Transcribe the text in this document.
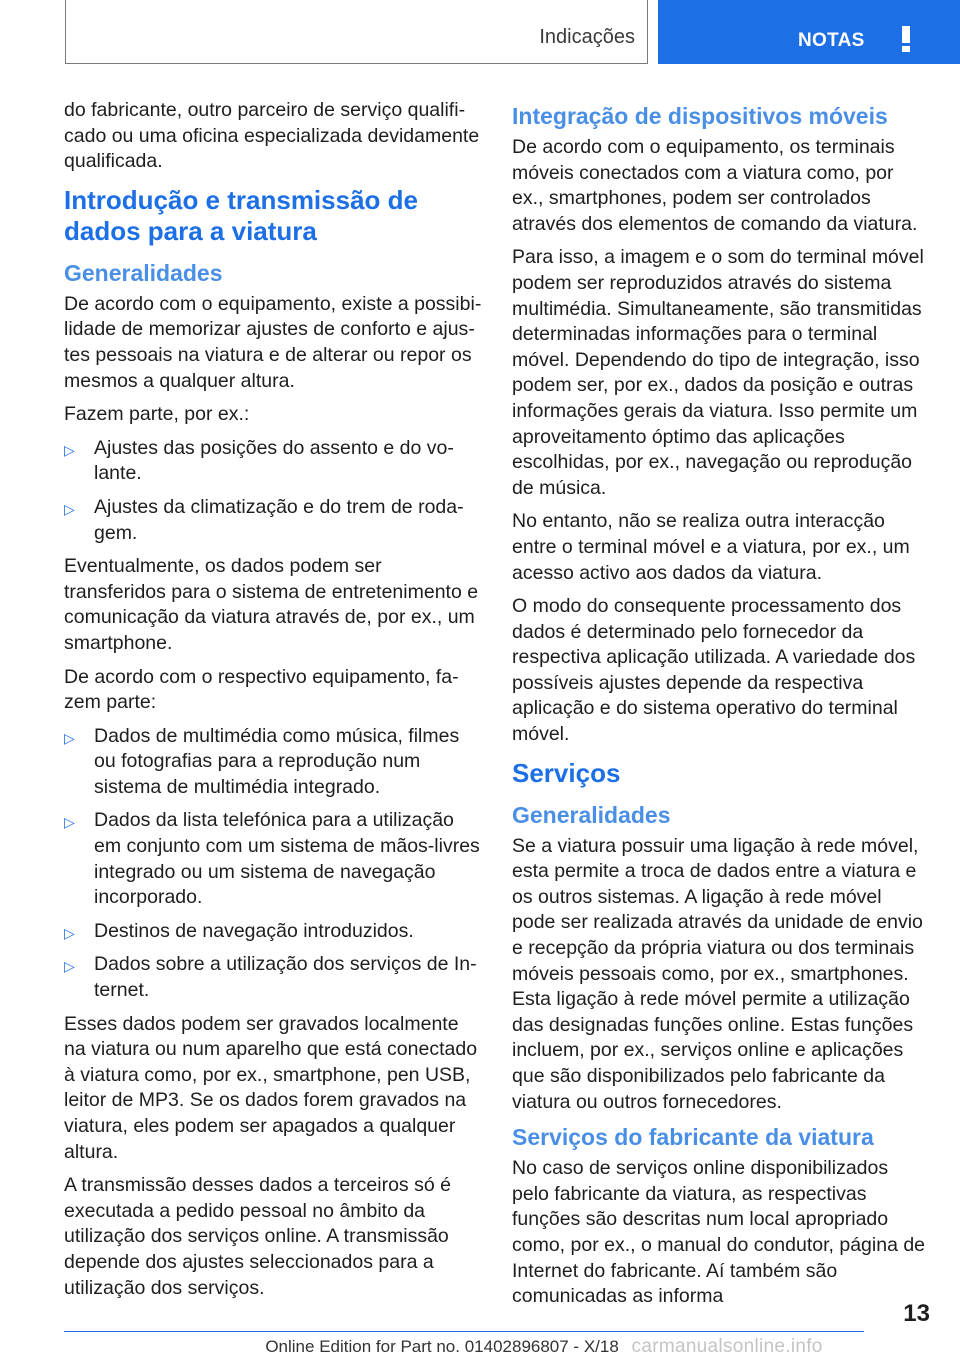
Indicações	NOTAS

do fabricante, outro parceiro de serviço qualificado ou uma oficina especializada devidamente qualificada.

Introdução e transmissão de dados para a viatura
Generalidades

De acordo com o equipamento, existe a possibilidade de memorizar ajustes de conforto e ajustes pessoais na viatura e de alterar ou repor os mesmos a qualquer altura.

Fazem parte, por ex.:

▷ Ajustes das posições do assento e do volante.
▷ Ajustes da climatização e do trem de rodagem.

Eventualmente, os dados podem ser transferidos para o sistema de entretenimento e comunicação da viatura através de, por ex., um smartphone.

De acordo com o respectivo equipamento, fazem parte:

▷ Dados de multimédia como música, filmes ou fotografias para a reprodução num sistema de multimédia integrado.
▷ Dados da lista telefónica para a utilização em conjunto com um sistema de mãos-livres integrado ou um sistema de navegação incorporado.
▷ Destinos de navegação introduzidos.
▷ Dados sobre a utilização dos serviços de Internet.

Esses dados podem ser gravados localmente na viatura ou num aparelho que está conectado à viatura como, por ex., smartphone, pen USB, leitor de MP3. Se os dados forem gravados na viatura, eles podem ser apagados a qualquer altura.

A transmissão desses dados a terceiros só é executada a pedido pessoal no âmbito da utilização dos serviços online. A transmissão depende dos ajustes seleccionados para a utilização dos serviços.

Integração de dispositivos móveis

De acordo com o equipamento, os terminais móveis conectados com a viatura como, por ex., smartphones, podem ser controlados através dos elementos de comando da viatura.

Para isso, a imagem e o som do terminal móvel podem ser reproduzidos através do sistema multimédia. Simultaneamente, são transmitidas determinadas informações para o terminal móvel. Dependendo do tipo de integração, isso podem ser, por ex., dados da posição e outras informações gerais da viatura. Isso permite um aproveitamento óptimo das aplicações escolhidas, por ex., navegação ou reprodução de música.

No entanto, não se realiza outra interacção entre o terminal móvel e a viatura, por ex., um acesso activo aos dados da viatura.

O modo do consequente processamento dos dados é determinado pelo fornecedor da respectiva aplicação utilizada. A variedade dos possíveis ajustes depende da respectiva aplicação e do sistema operativo do terminal móvel.

Serviços
Generalidades

Se a viatura possuir uma ligação à rede móvel, esta permite a troca de dados entre a viatura e os outros sistemas. A ligação à rede móvel pode ser realizada através da unidade de envio e recepção da própria viatura ou dos terminais móveis pessoais como, por ex., smartphones. Esta ligação à rede móvel permite a utilização das designadas funções online. Estas funções incluem, por ex., serviços online e aplicações que são disponibilizados pelo fabricante da viatura ou outros fornecedores.

Serviços do fabricante da viatura

No caso de serviços online disponibilizados pelo fabricante da viatura, as respectivas funções são descritas num local apropriado como, por ex., o manual do condutor, página de Internet do fabricante. Aí também são comunicadas as informa

13
Online Edition for Part no. 01402896807 - X/18 carmanualsonline.info
